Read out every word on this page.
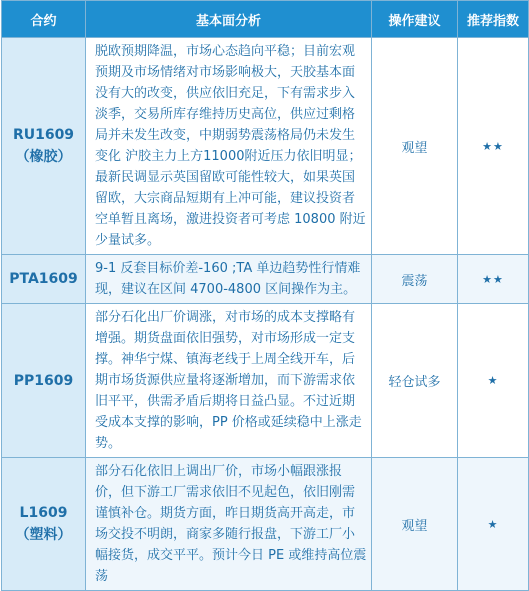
合约	基本面分析	操作建议	推荐指数

RU1609
（橡胶）	脱欧预期降温，市场心态趋向平稳；目前宏观预期及市场情绪对市场影响极大，天胶基本面没有大的改变，供应依旧充足，下有需求步入淡季，交易所库存维持历史高位，供应过剩格局并未发生改变，中期弱势震荡格局仍未发生变化 沪胶主力上方11000附近压力依旧明显；最新民调显示英国留欧可能性较大，如果英国留欧，大宗商品短期有上冲可能，建议投资者空单暂且离场，激进投资者可考虑 10800 附近少量试多。	观望	★★

PTA1609	9-1 反套目标价差-160 ;TA 单边趋势性行情难现，建议在区间 4700-4800 区间操作为主。	震荡	★★

PP1609	部分石化出厂价调涨，对市场的成本支撑略有增强。期货盘面依旧强势，对市场形成一定支撑。神华宁煤、镇海老线于上周全线开车，后期市场货源供应量将逐渐增加，而下游需求依旧平平，供需矛盾后期将日益凸显。不过近期受成本支撑的影响，PP 价格或延续稳中上涨走势。	轻仓试多	★

L1609
（塑料）	部分石化依旧上调出厂价，市场小幅跟涨报价，但下游工厂需求依旧不见起色，依旧刚需谨慎补仓。期货方面，昨日期货高开高走，市场交投不明朗，商家多随行报盘，下游工厂小幅接货，成交平平。预计今日 PE 或维持高位震荡	观望	★
